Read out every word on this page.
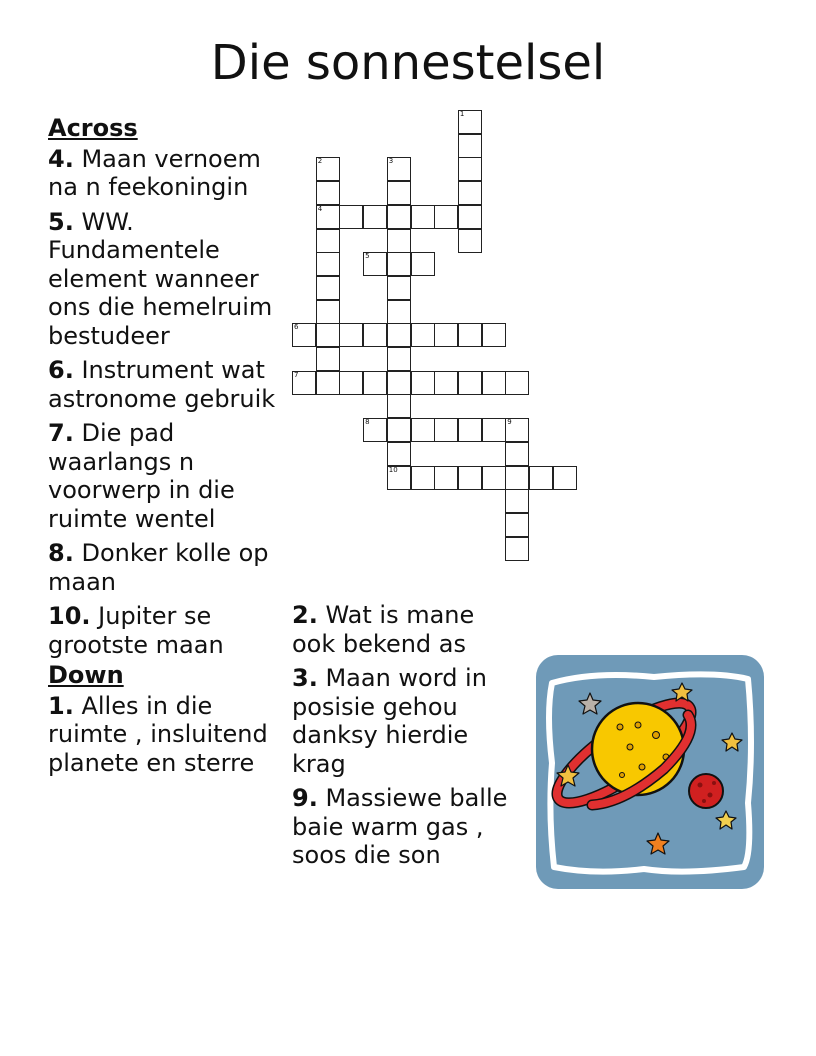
Die sonnestelsel
Across
4. Maan vernoem na n feekoningin
5. WW. Fundamentele element wanneer ons die hemelruim bestudeer
6. Instrument wat astronome gebruik
7. Die pad waarlangs n voorwerp in die ruimte wentel
8. Donker kolle op maan
10. Jupiter se grootste maan
Down
1. Alles in die ruimte , insluitend planete en sterre
2. Wat is mane ook bekend as
3. Maan word in posisie gehou danksy hierdie krag
9. Massiewe balle baie warm gas , soos die son
1
2
4
3
5
6
7
8	9
10
